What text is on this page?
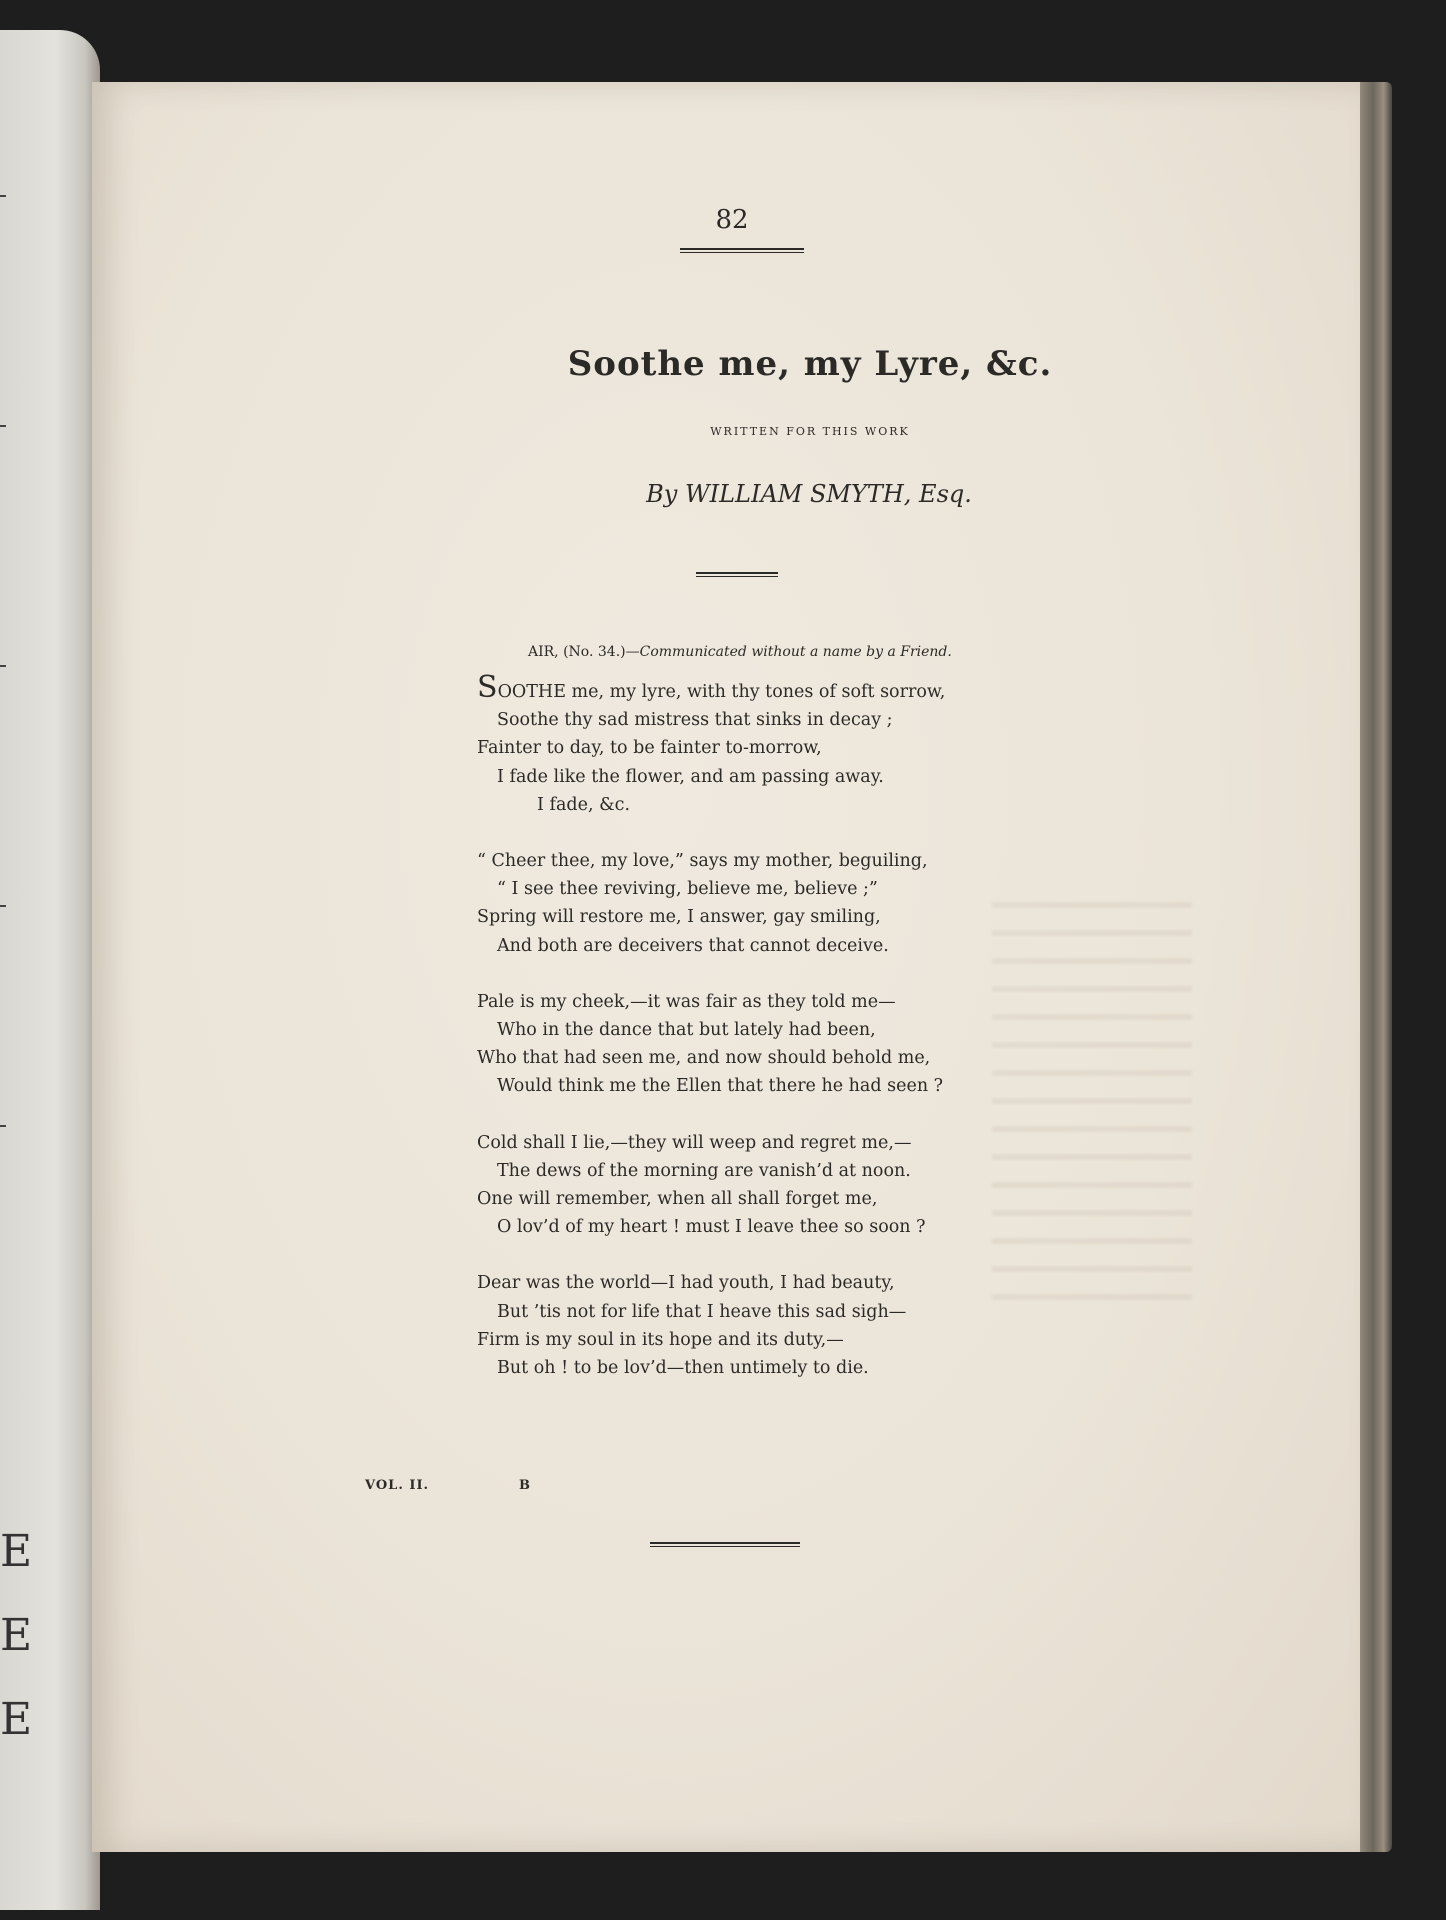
E
E
E
82
Soothe me, my Lyre, &c.
WRITTEN FOR THIS WORK
By WILLIAM SMYTH, Esq.
AIR, (No. 34.)—Communicated without a name by a Friend.
SOOTHE me, my lyre, with thy tones of soft sorrow,
Soothe thy sad mistress that sinks in decay ;
Fainter to day, to be fainter to-morrow,
I fade like the flower, and am passing away.
I fade, &c.
“ Cheer thee, my love,” says my mother, beguiling,
“ I see thee reviving, believe me, believe ;”
Spring will restore me, I answer, gay smiling,
And both are deceivers that cannot deceive.
Pale is my cheek,—it was fair as they told me—
Who in the dance that but lately had been,
Who that had seen me, and now should behold me,
Would think me the Ellen that there he had seen ?
Cold shall I lie,—they will weep and regret me,—
The dews of the morning are vanish’d at noon.
One will remember, when all shall forget me,
O lov’d of my heart ! must I leave thee so soon ?
Dear was the world—I had youth, I had beauty,
But ’tis not for life that I heave this sad sigh—
Firm is my soul in its hope and its duty,—
But oh ! to be lov’d—then untimely to die.
VOL. II.	B
